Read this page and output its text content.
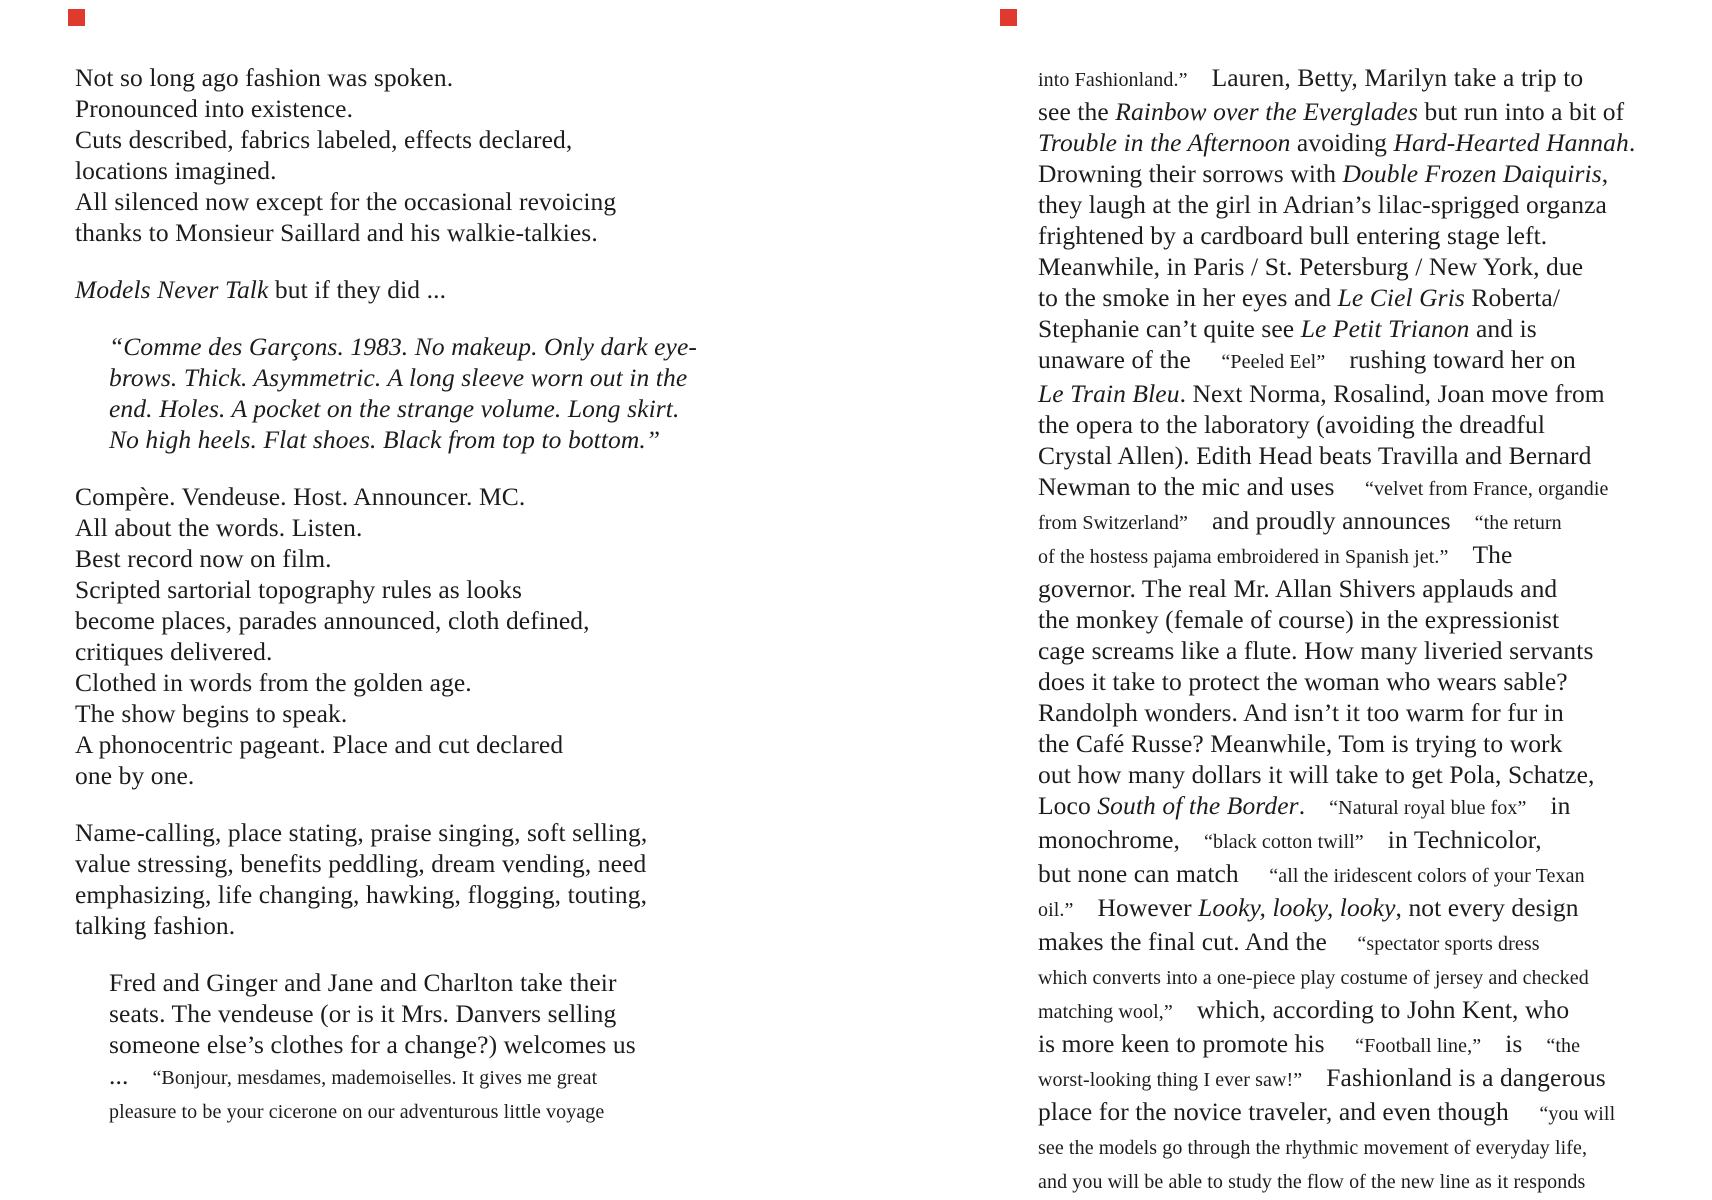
Not so long ago fashion was spoken.
Pronounced into existence.
Cuts described, fabrics labeled, effects declared,
locations imagined.
All silenced now except for the occasional revoicing
thanks to Monsieur Saillard and his walkie-talkies.
Models Never Talk but if they did ...
“Comme des Garçons. 1983. No makeup. Only dark eye-
brows. Thick. Asymmetric. A long sleeve worn out in the
end. Holes. A pocket on the strange volume. Long skirt.
No high heels. Flat shoes. Black from top to bottom.”
Compère. Vendeuse. Host. Announcer. MC.
All about the words. Listen.
Best record now on film.
Scripted sartorial topography rules as looks
become places, parades announced, cloth defined,
critiques delivered.
Clothed in words from the golden age.
The show begins to speak.
A phonocentric pageant. Place and cut declared
one by one.
Name-calling, place stating, praise singing, soft selling,
value stressing, benefits peddling, dream vending, need
emphasizing, life changing, hawking, flogging, touting,
talking fashion.
Fred and Ginger and Jane and Charlton take their
seats. The vendeuse (or is it Mrs. Danvers selling
someone else’s clothes for a change?) welcomes us
... “Bonjour, mesdames, mademoiselles. It gives me great
pleasure to be your cicerone on our adventurous little voyage
into Fashionland.” Lauren, Betty, Marilyn take a trip to
see the Rainbow over the Everglades but run into a bit of
Trouble in the Afternoon avoiding Hard-Hearted Hannah.
Drowning their sorrows with Double Frozen Daiquiris,
they laugh at the girl in Adrian’s lilac-sprigged organza
frightened by a cardboard bull entering stage left.
Meanwhile, in Paris / St. Petersburg / New York, due
to the smoke in her eyes and Le Ciel Gris Roberta/
Stephanie can’t quite see Le Petit Trianon and is
unaware of the “Peeled Eel” rushing toward her on
Le Train Bleu. Next Norma, Rosalind, Joan move from
the opera to the laboratory (avoiding the dreadful
Crystal Allen). Edith Head beats Travilla and Bernard
Newman to the mic and uses “velvet from France, organdie
from Switzerland” and proudly announces “the return
of the hostess pajama embroidered in Spanish jet.” The
governor. The real Mr. Allan Shivers applauds and
the monkey (female of course) in the expressionist
cage screams like a flute. How many liveried servants
does it take to protect the woman who wears sable?
Randolph wonders. And isn’t it too warm for fur in
the Café Russe? Meanwhile, Tom is trying to work
out how many dollars it will take to get Pola, Schatze,
Loco South of the Border. “Natural royal blue fox” in
monochrome, “black cotton twill” in Technicolor,
but none can match “all the iridescent colors of your Texan
oil.” However Looky, looky, looky, not every design
makes the final cut. And the “spectator sports dress
which converts into a one-piece play costume of jersey and checked
matching wool,” which, according to John Kent, who
is more keen to promote his “Football line,” is “the
worst-looking thing I ever saw!” Fashionland is a dangerous
place for the novice traveler, and even though “you will
see the models go through the rhythmic movement of everyday life,
and you will be able to study the flow of the new line as it responds
